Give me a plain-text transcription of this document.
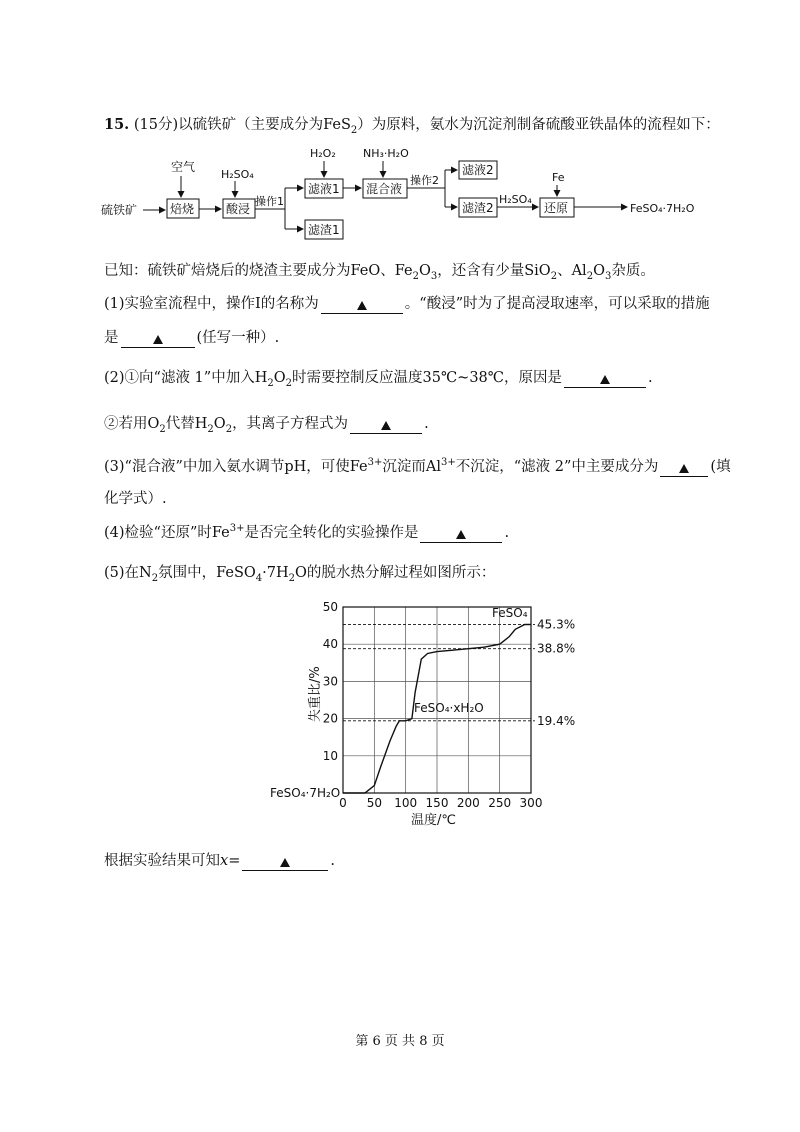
15. (15分)以硫铁矿（主要成分为FeS$_2$）为原料，氨水为沉淀剂制备硫酸亚铁晶体的流程如下：
硫铁矿
空气
焙烧
H₂SO₄
酸浸
操作1
滤液1
滤渣1
H₂O₂ NH₃·H₂O
混合液
操作2
滤液2
滤渣2
H₂SO₄
Fe
还原	FeSO₄·7H₂O
已知：硫铁矿焙烧后的烧渣主要成分为FeO、$Fe_2O_3$，还含有少量SiO$_2$、$Al_2O_3$杂质。
(1)实验室流程中，操作I的名称为	。“酸浸”时为了提高浸取速率，可以采取的措施
是	(任写一种）.
(2)①向“滤液 1”中加入$H_2O_2$时需要控制反应温度35℃~38℃，原因是	.
②若用$O_2$代替$H_2O_2$，其离子方程式为	.
(3)“混合液”中加入氨水调节pH，可使$Fe^{3+}$沉淀而$Al^{3+}$不沉淀，“滤液 2”中主要成分为	(填
化学式）.
(4)检验“还原”时$Fe^{3+}$是否完全转化的实验操作是	.
(5)在$N_2$氛围中，$FeSO_4\cdot 7H_2O$的脱水热分解过程如图所示：
45.3%
38.8%
19.4%
0 50 100 150 200 250 300
10
20
30
40
50
失重比/%
温度/℃
FeSO₄
FeSO₄·xH₂O
FeSO₄·7H₂O
根据实验结果可知x=	.
第 6 页 共 8 页
